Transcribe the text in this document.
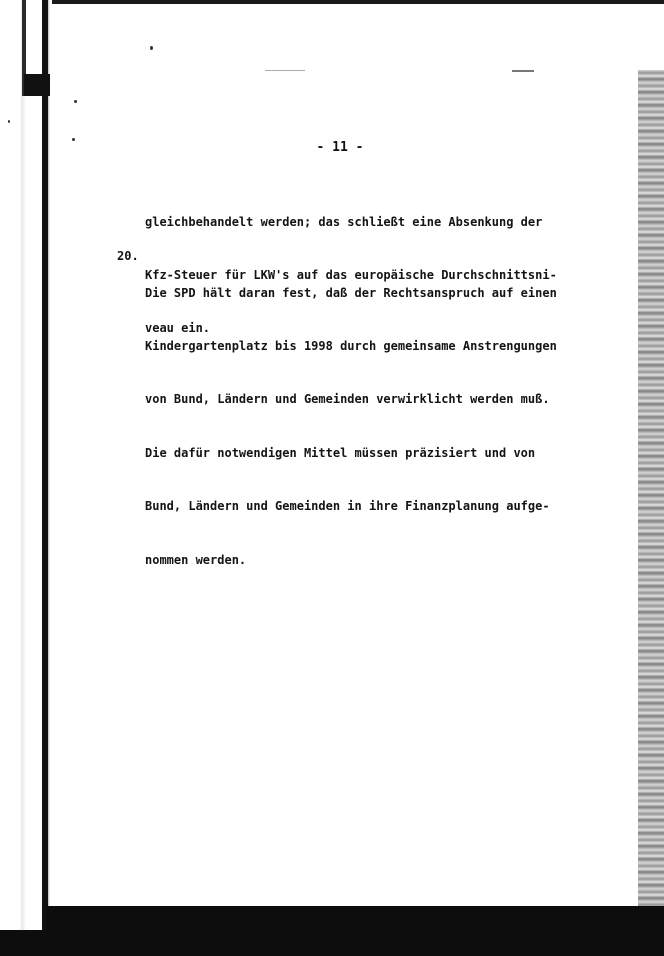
- 11 -

gleichbehandelt werden; das schließt eine Absenkung der

Kfz-Steuer für LKW's auf das europäische Durchschnittsni-

veau ein.

20.

Die SPD hält daran fest, daß der Rechtsanspruch auf einen

Kindergartenplatz bis 1998 durch gemeinsame Anstrengungen

von Bund, Ländern und Gemeinden verwirklicht werden muß.

Die dafür notwendigen Mittel müssen präzisiert und von

Bund, Ländern und Gemeinden in ihre Finanzplanung aufge-

nommen werden.
